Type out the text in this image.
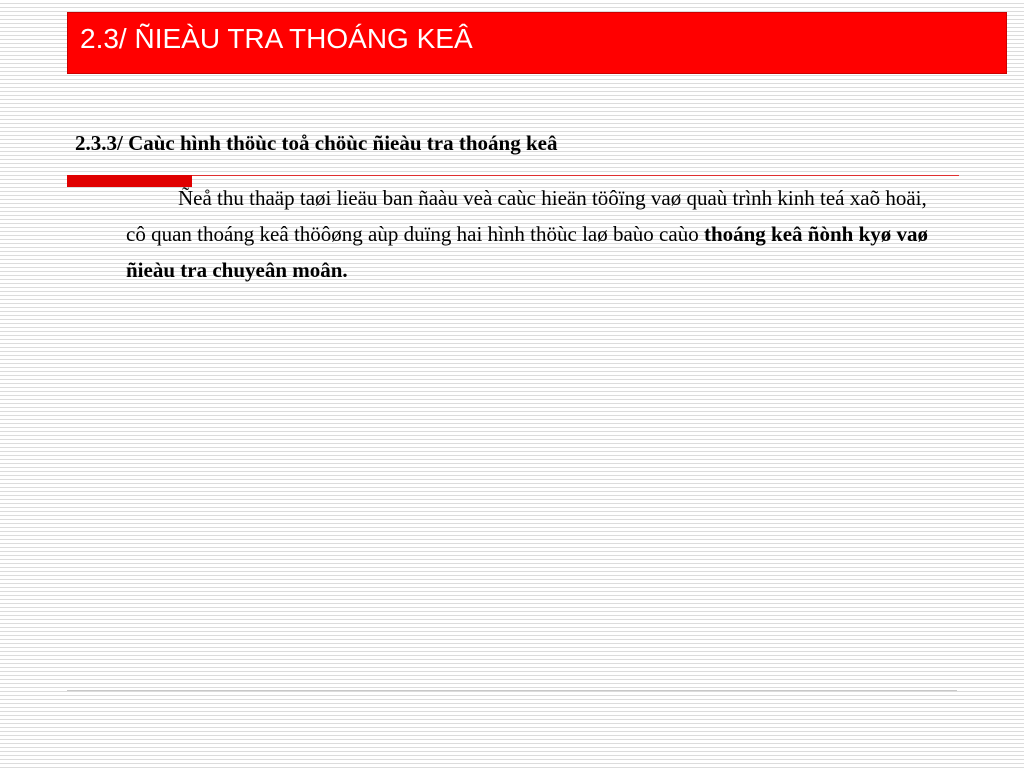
2.3/ ÑIEÀU TRA THOÁNG KEÂ
2.3.3/ Caùc hình thöùc toå chöùc ñieàu tra thoáng keâ
Ñeå thu thaäp taøi lieäu ban ñaàu veà caùc hieän töôïng vaø quaù trình kinh teá xaõ hoäi, cô quan thoáng keâ thöôøng aùp duïng hai hình thöùc laø baùo caùo thoáng keâ ñònh kyø vaø ñieàu tra chuyeân moân.
